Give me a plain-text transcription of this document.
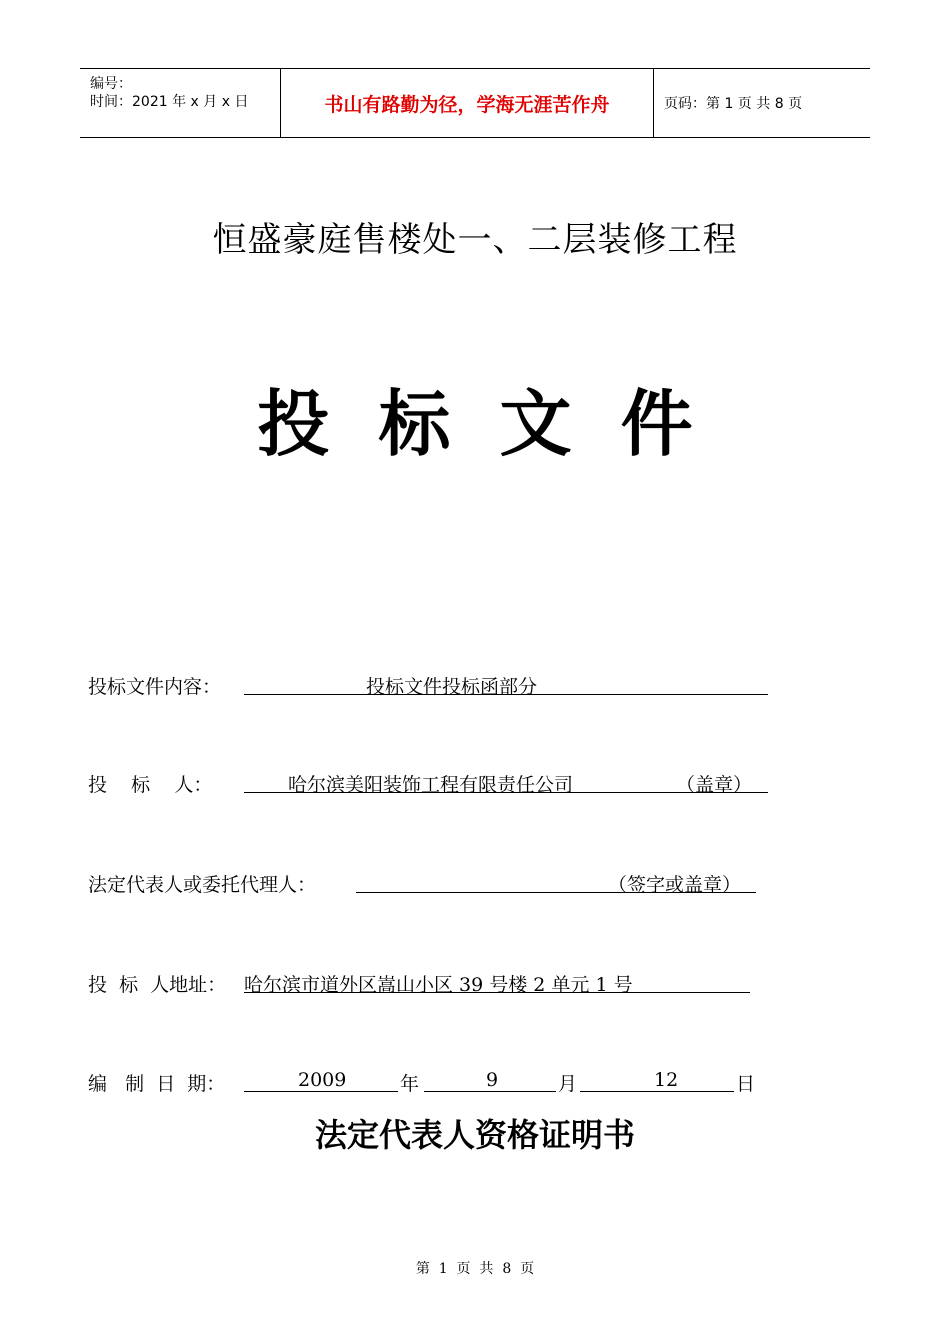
编号：
时间：2021 年 x 月 x 日	书山有路勤为径，学海无涯苦作舟	页码：第 1 页 共 8 页
恒盛豪庭售楼处一、二层装修工程
投 标 文 件
投标文件内容：	投标文件投标函部分
投    标    人：	哈尔滨美阳装饰工程有限责任公司	（盖章）
法定代表人或委托代理人：	（签字或盖章）
投  标  人地址： 哈尔滨市道外区嵩山小区 39 号楼 2 单元 1 号
编   制  日  期：	2009	年	9	月	12	日
法定代表人资格证明书
第  1  页  共  8  页
